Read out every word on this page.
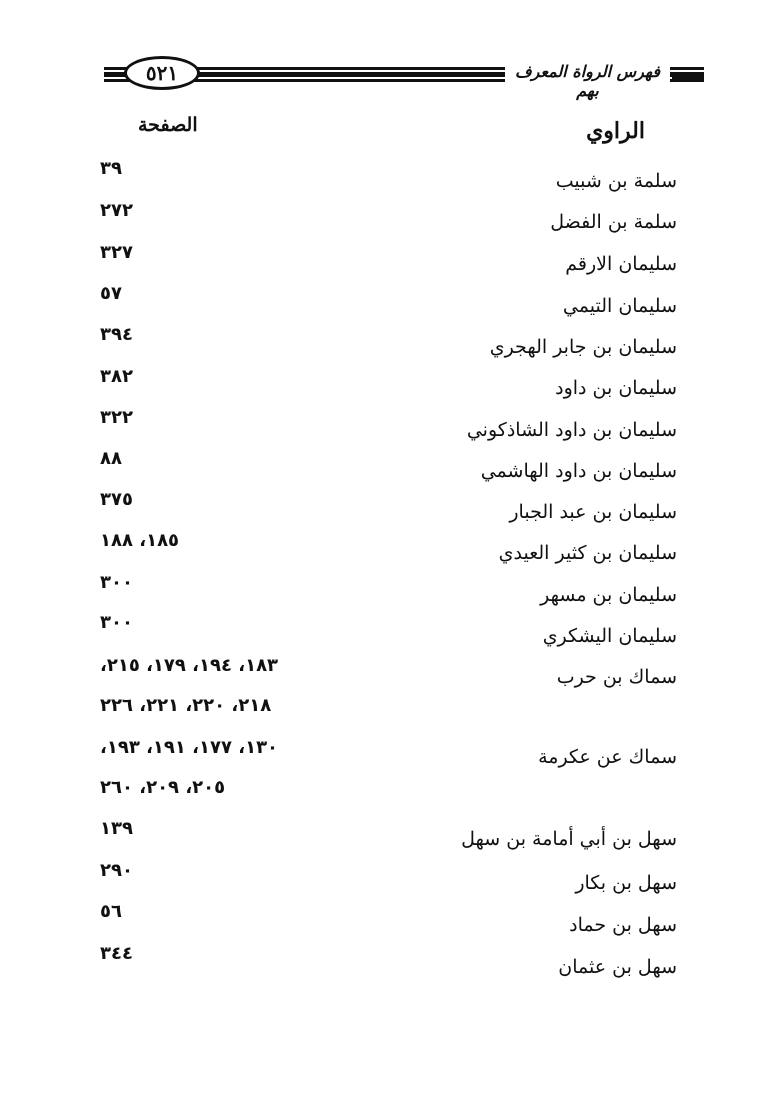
فهرس الرواة المعرف بهم
٥٢١
الراوي
الصفحة
سلمة بن شبيب
٣٩
سلمة بن الفضل
٢٧٢
سليمان الارقم
٣٢٧
سليمان التيمي
٥٧
سليمان بن جابر الهجري
٣٩٤
سليمان بن داود
٣٨٢
سليمان بن داود الشاذكوني
٣٢٢
سليمان بن داود الهاشمي
٨٨
سليمان بن عبد الجبار
٣٧٥
سليمان بن كثير العيدي
١٨٥، ١٨٨
سليمان بن مسهر
٣٠٠
سليمان اليشكري
٣٠٠
سماك بن حرب
١٨٣، ١٩٤، ١٧٩، ٢١٥،
٢١٨، ٢٢٠، ٢٢١، ٢٢٦
سماك عن عكرمة
١٣٠، ١٧٧، ١٩١، ١٩٣،
٢٠٥، ٢٠٩، ٢٦٠
سهل بن أبي أمامة بن سهل
١٣٩
سهل بن بكار
٢٩٠
سهل بن حماد
٥٦
سهل بن عثمان
٣٤٤
